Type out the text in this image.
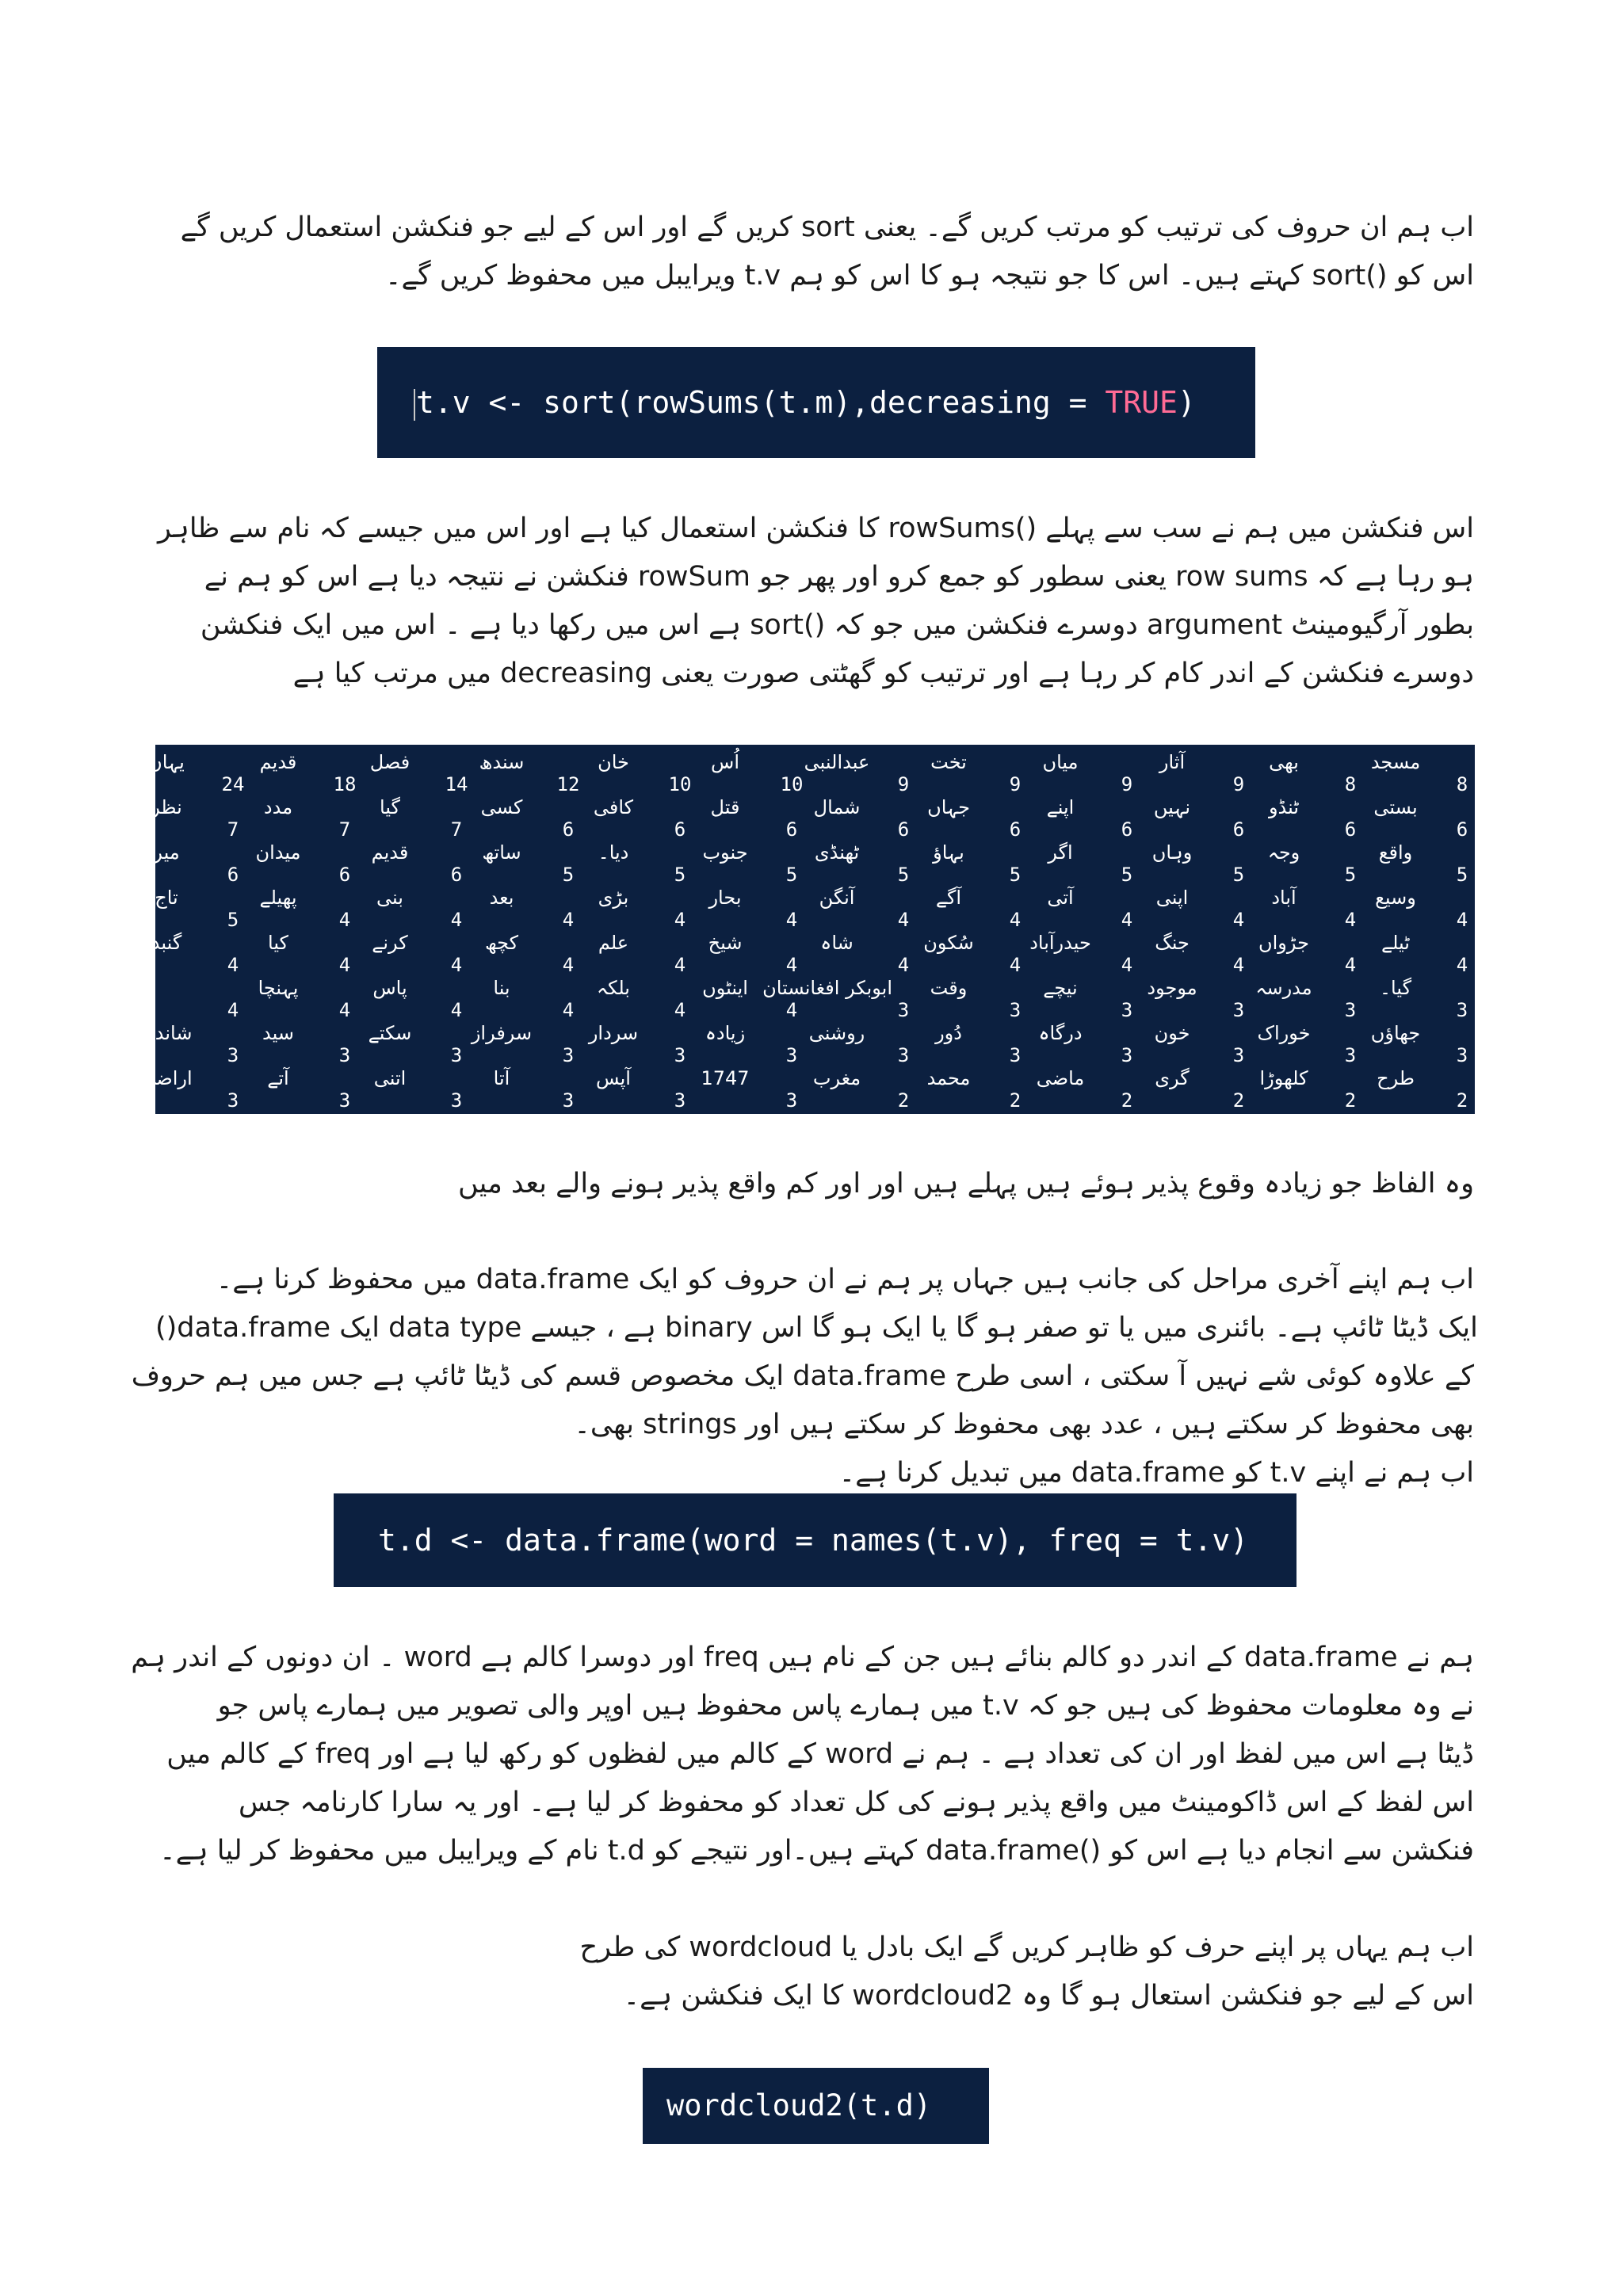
اب ہم ان حروف کی ترتیب کو مرتب کریں گے۔ یعنی sort کریں گے اور اس کے لیے جو فنکشن استعمال کریں گے
اس کو ()sort کہتے ہیں۔ اس کا جو نتیجہ ہو کا اس کو ہم t.v ویرایبل میں محفوظ کریں گے۔
t.v <- sort(rowSums(t.m),decreasing = TRUE)
اس فنکشن میں ہم نے سب سے پہلے ()rowSums کا فنکشن استعمال کیا ہے اور اس میں جیسے کہ نام سے ظاہر
ہو رہا ہے کہ row sums یعنی سطور کو جمع کرو اور پھر جو rowSum فنکشن نے نتیجہ دیا ہے اس کو ہم نے
بطور آرگیومینٹ argument دوسرے فنکشن میں جو کہ ()sort ہے اس میں رکھا دیا ہے ۔ اس میں ایک فنکشن
دوسرے فنکشن کے اندر کام کر رہا ہے اور ترتیب کو گھٹتی صورت یعنی decreasing میں مرتب کیا ہے
مسجد
8
بھی
8
آثار
9
میاں
9
تخت
9
عبدالنبی
9
اُس
10
خان
10
سندھ
12
فصل
14
قدیم
18
یہاں
24
بستی
6
ٹنڈو
6
نہیں
6
اپنے
6
جہاں
6
شمال
6
قتل
6
کافی
6
کسی
6
گیا
7
مدد
7
نظر
7
واقع
5
وجہ
5
وہاں
5
اگر
5
بہاؤ
5
ٹھنڈی
5
جنوب
5
دیا۔
5
ساتھ
5
قدیم
6
میدان
6
میر
6
وسیع
4
آباد
4
اپنی
4
آتی
4
آگے
4
آنگن
4
بحار
4
بڑی
4
بعد
4
بنی
4
پھیلے
4
تاج
5
ٹیلے
4
جڑواں
4
جنگ
4
حیدرآباد
4
سُکون
4
شاہ
4
شیخ
4
علم
4
کچھ
4
کرنے
4
کیا
4
گنبد
4
گیا۔
3
مدرسہ
3
موجود
3
نیچے
3
وقت
3
ابوبکر افغانستان
3
اینٹوں
4
بلکہ
4
بنا
4
پاس
4
پہنچا
4
4
جھاؤں
3
خوراک
3
خون
3
درگاہ
3
دُور
3
روشنی
3
زیادہ
3
سردار
3
سرفراز
3
سکتے
3
سید
3
شاندار
3
طرح
2
کلھوڑا
2
گری
2
ماضی
2
محمد
2
مغرب
2
1747
3
آپس
3
آتا
3
اتنی
3
آتے
3
اراضی
3
وہ الفاظ جو زیادہ وقوع پذیر ہوئے ہیں پہلے ہیں اور اور کم واقع پذیر ہونے والے بعد میں
اب ہم اپنے آخری مراحل کی جانب ہیں جہاں پر ہم نے ان حروف کو ایک data.frame میں محفوظ کرنا ہے۔
()data.frame ایک data type ہے ، جیسے binary ایک ڈیٹا ٹائپ ہے۔ بائنری میں یا تو صفر ہو گا یا ایک ہو گا اس
کے علاوہ کوئی شے نہیں آ سکتی ، اسی طرح data.frame ایک مخصوص قسم کی ڈیٹا ٹائپ ہے جس میں ہم حروف
بھی محفوظ کر سکتے ہیں ، عدد بھی محفوظ کر سکتے ہیں اور strings بھی۔
اب ہم نے اپنے t.v کو data.frame میں تبدیل کرنا ہے۔
t.d <- data.frame(word = names(t.v), freq = t.v)
ہم نے data.frame کے اندر دو کالم بنائے ہیں جن کے نام ہیں freq اور دوسرا کالم ہے word ۔ ان دونوں کے اندر ہم
نے وہ معلومات محفوظ کی ہیں جو کہ t.v میں ہمارے پاس محفوظ ہیں اوپر والی تصویر میں ہمارے پاس جو
ڈیٹا ہے اس میں لفظ اور ان کی تعداد ہے ۔ ہم نے word کے کالم میں لفظوں کو رکھ لیا ہے اور freq کے کالم میں
اس لفظ کے اس ڈاکومینٹ میں واقع پذیر ہونے کی کل تعداد کو محفوظ کر لیا ہے۔ اور یہ سارا کارنامہ جس
فنکشن سے انجام دیا ہے اس کو ()data.frame کہتے ہیں۔اور نتیجے کو t.d نام کے ویرایبل میں محفوظ کر لیا ہے۔
اب ہم یہاں پر اپنے حرف کو ظاہر کریں گے ایک بادل یا wordcloud کی طرح
اس کے لیے جو فنکشن استعال ہو گا وہ wordcloud2 کا ایک فنکشن ہے۔
wordcloud2(t.d)
